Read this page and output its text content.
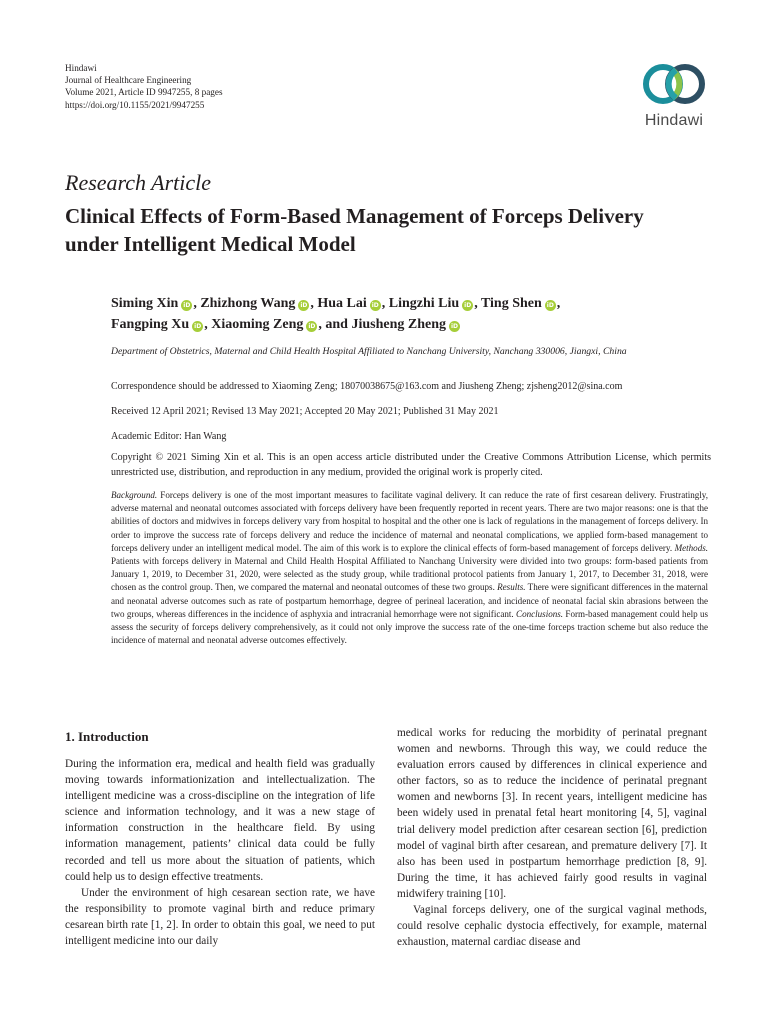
Hindawi
Journal of Healthcare Engineering
Volume 2021, Article ID 9947255, 8 pages
https://doi.org/10.1155/2021/9947255
Hindawi
Research Article
Clinical Effects of Form-Based Management of Forceps Delivery under Intelligent Medical Model
Siming Xin iD , Zhizhong Wang iD , Hua Lai iD , Lingzhi Liu iD , Ting Shen iD ,
Fangping Xu iD , Xiaoming Zeng iD , and Jiusheng Zheng iD
Department of Obstetrics, Maternal and Child Health Hospital Affiliated to Nanchang University, Nanchang 330006, Jiangxi, China
Correspondence should be addressed to Xiaoming Zeng; 18070038675@163.com and Jiusheng Zheng; zjsheng2012@sina.com
Received 12 April 2021; Revised 13 May 2021; Accepted 20 May 2021; Published 31 May 2021
Academic Editor: Han Wang
Copyright © 2021 Siming Xin et al. This is an open access article distributed under the Creative Commons Attribution License, which permits unrestricted use, distribution, and reproduction in any medium, provided the original work is properly cited.
Background. Forceps delivery is one of the most important measures to facilitate vaginal delivery. It can reduce the rate of first cesarean delivery. Frustratingly, adverse maternal and neonatal outcomes associated with forceps delivery have been frequently reported in recent years. There are two major reasons: one is that the abilities of doctors and midwives in forceps delivery vary from hospital to hospital and the other one is lack of regulations in the management of forceps delivery. In order to improve the success rate of forceps delivery and reduce the incidence of maternal and neonatal complications, we applied form-based management to forceps delivery under an intelligent medical model. The aim of this work is to explore the clinical effects of form-based management of forceps delivery. Methods. Patients with forceps delivery in Maternal and Child Health Hospital Affiliated to Nanchang University were divided into two groups: form-based patients from January 1, 2019, to December 31, 2020, were selected as the study group, while traditional protocol patients from January 1, 2017, to December 31, 2018, were chosen as the control group. Then, we compared the maternal and neonatal outcomes of these two groups. Results. There were significant differences in the maternal and neonatal adverse outcomes such as rate of postpartum hemorrhage, degree of perineal laceration, and incidence of neonatal facial skin abrasions between the two groups, whereas differences in the incidence of asphyxia and intracranial hemorrhage were not significant. Conclusions. Form-based management could help us assess the security of forceps delivery comprehensively, as it could not only improve the success rate of the one-time forceps traction scheme but also reduce the incidence of maternal and neonatal adverse outcomes effectively.
1. Introduction

During the information era, medical and health field was gradually moving towards informationization and intellectualization. The intelligent medicine was a cross-discipline on the integration of life science and information technology, and it was a new stage of information construction in the healthcare field. By using information management, patients’ clinical data could be fully recorded and tell us more about the situation of patients, which could help us to design effective treatments.

Under the environment of high cesarean section rate, we have the responsibility to promote vaginal birth and reduce primary cesarean birth rate [1, 2]. In order to obtain this goal, we need to put intelligent medicine into our daily

medical works for reducing the morbidity of perinatal pregnant women and newborns. Through this way, we could reduce the evaluation errors caused by differences in clinical experience and other factors, so as to reduce the incidence of perinatal pregnant women and newborns [3]. In recent years, intelligent medicine has been widely used in prenatal fetal heart monitoring [4, 5], vaginal trial delivery model prediction after cesarean section [6], prediction model of vaginal birth after cesarean, and premature delivery [7]. It also has been used in postpartum hemorrhage prediction [8, 9]. During the time, it has achieved fairly good results in vaginal midwifery training [10].

Vaginal forceps delivery, one of the surgical vaginal methods, could resolve cephalic dystocia effectively, for example, maternal exhaustion, maternal cardiac disease and
